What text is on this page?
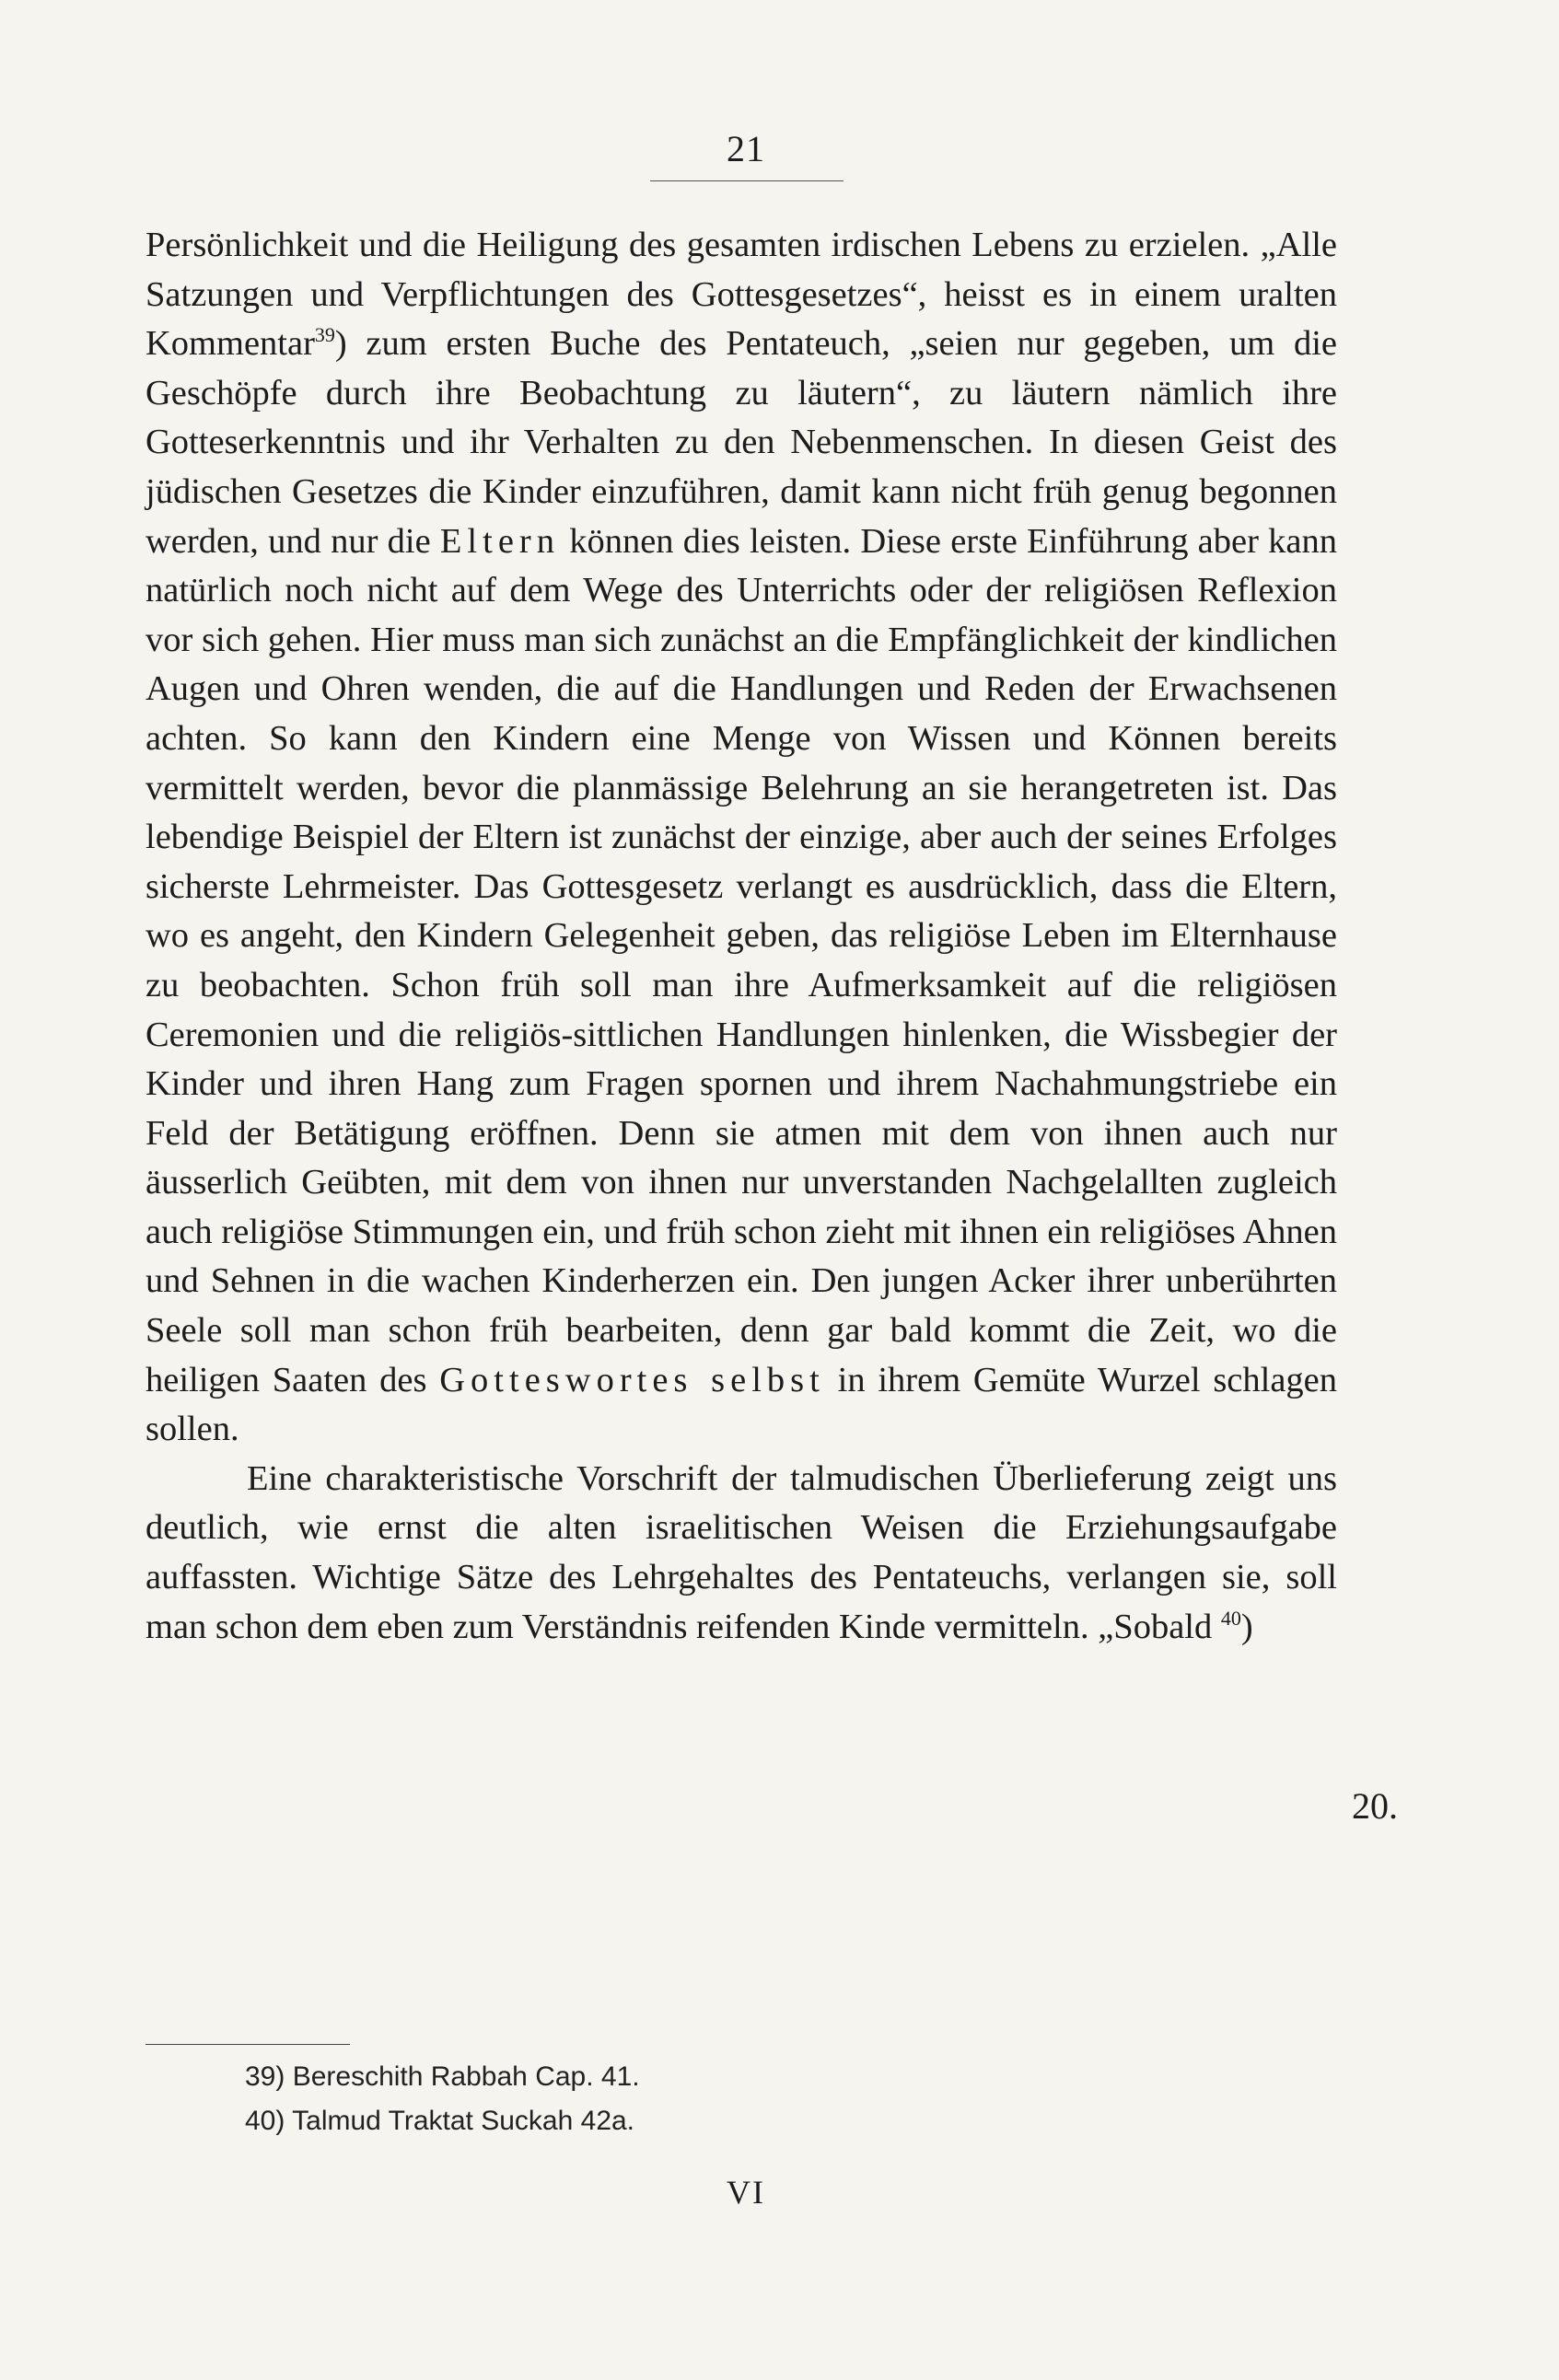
21

Persönlichkeit und die Heiligung des gesamten irdischen Lebens zu erzielen. „Alle Satzungen und Verpflichtungen des Gottesgesetzes“, heisst es in einem uralten Kommentar$^{39}$) zum ersten Buche des Pentateuch, „seien nur gegeben, um die Geschöpfe durch ihre Beobachtung zu läutern“, zu läutern nämlich ihre Gotteserkenntnis und ihr Verhalten zu den Nebenmenschen. In diesen Geist des jüdischen Gesetzes die Kinder einzuführen, damit kann nicht früh genug begonnen werden, und nur die Eltern können dies leisten. Diese erste Einführung aber kann natürlich noch nicht auf dem Wege des Unterrichts oder der religiösen Reflexion vor sich gehen. Hier muss man sich zunächst an die Empfänglichkeit der kindlichen Augen und Ohren wenden, die auf die Handlungen und Reden der Erwachsenen achten. So kann den Kindern eine Menge von Wissen und Können bereits vermittelt werden, bevor die planmässige Belehrung an sie herangetreten ist. Das lebendige Beispiel der Eltern ist zunächst der einzige, aber auch der seines Erfolges sicherste Lehrmeister. Das Gottesgesetz verlangt es ausdrücklich, dass die Eltern, wo es angeht, den Kindern Gelegenheit geben, das religiöse Leben im Elternhause zu beobachten. Schon früh soll man ihre Aufmerksamkeit auf die religiösen Ceremonien und die religiös-sittlichen Handlungen hinlenken, die Wissbegier der Kinder und ihren Hang zum Fragen spornen und ihrem Nachahmungstriebe ein Feld der Betätigung eröffnen. Denn sie atmen mit dem von ihnen auch nur äusserlich Geübten, mit dem von ihnen nur unverstanden Nachgelallten zugleich auch religiöse Stimmungen ein, und früh schon zieht mit ihnen ein religiöses Ahnen und Sehnen in die wachen Kinderherzen ein. Den jungen Acker ihrer unberührten Seele soll man schon früh bearbeiten, denn gar bald kommt die Zeit, wo die heiligen Saaten des Gotteswortes selbst in ihrem Gemüte Wurzel schlagen sollen.

Eine charakteristische Vorschrift der talmudischen Überlieferung zeigt uns deutlich, wie ernst die alten israelitischen Weisen die Erziehungsaufgabe auffassten. Wichtige Sätze des Lehrgehaltes des Pentateuchs, verlangen sie, soll man schon dem eben zum Verständnis reifenden Kinde vermitteln. „Sobald $^{40}$)

20.
39) Bereschith Rabbah Cap. 41.
40) Talmud Traktat Suckah 42a.
VI
